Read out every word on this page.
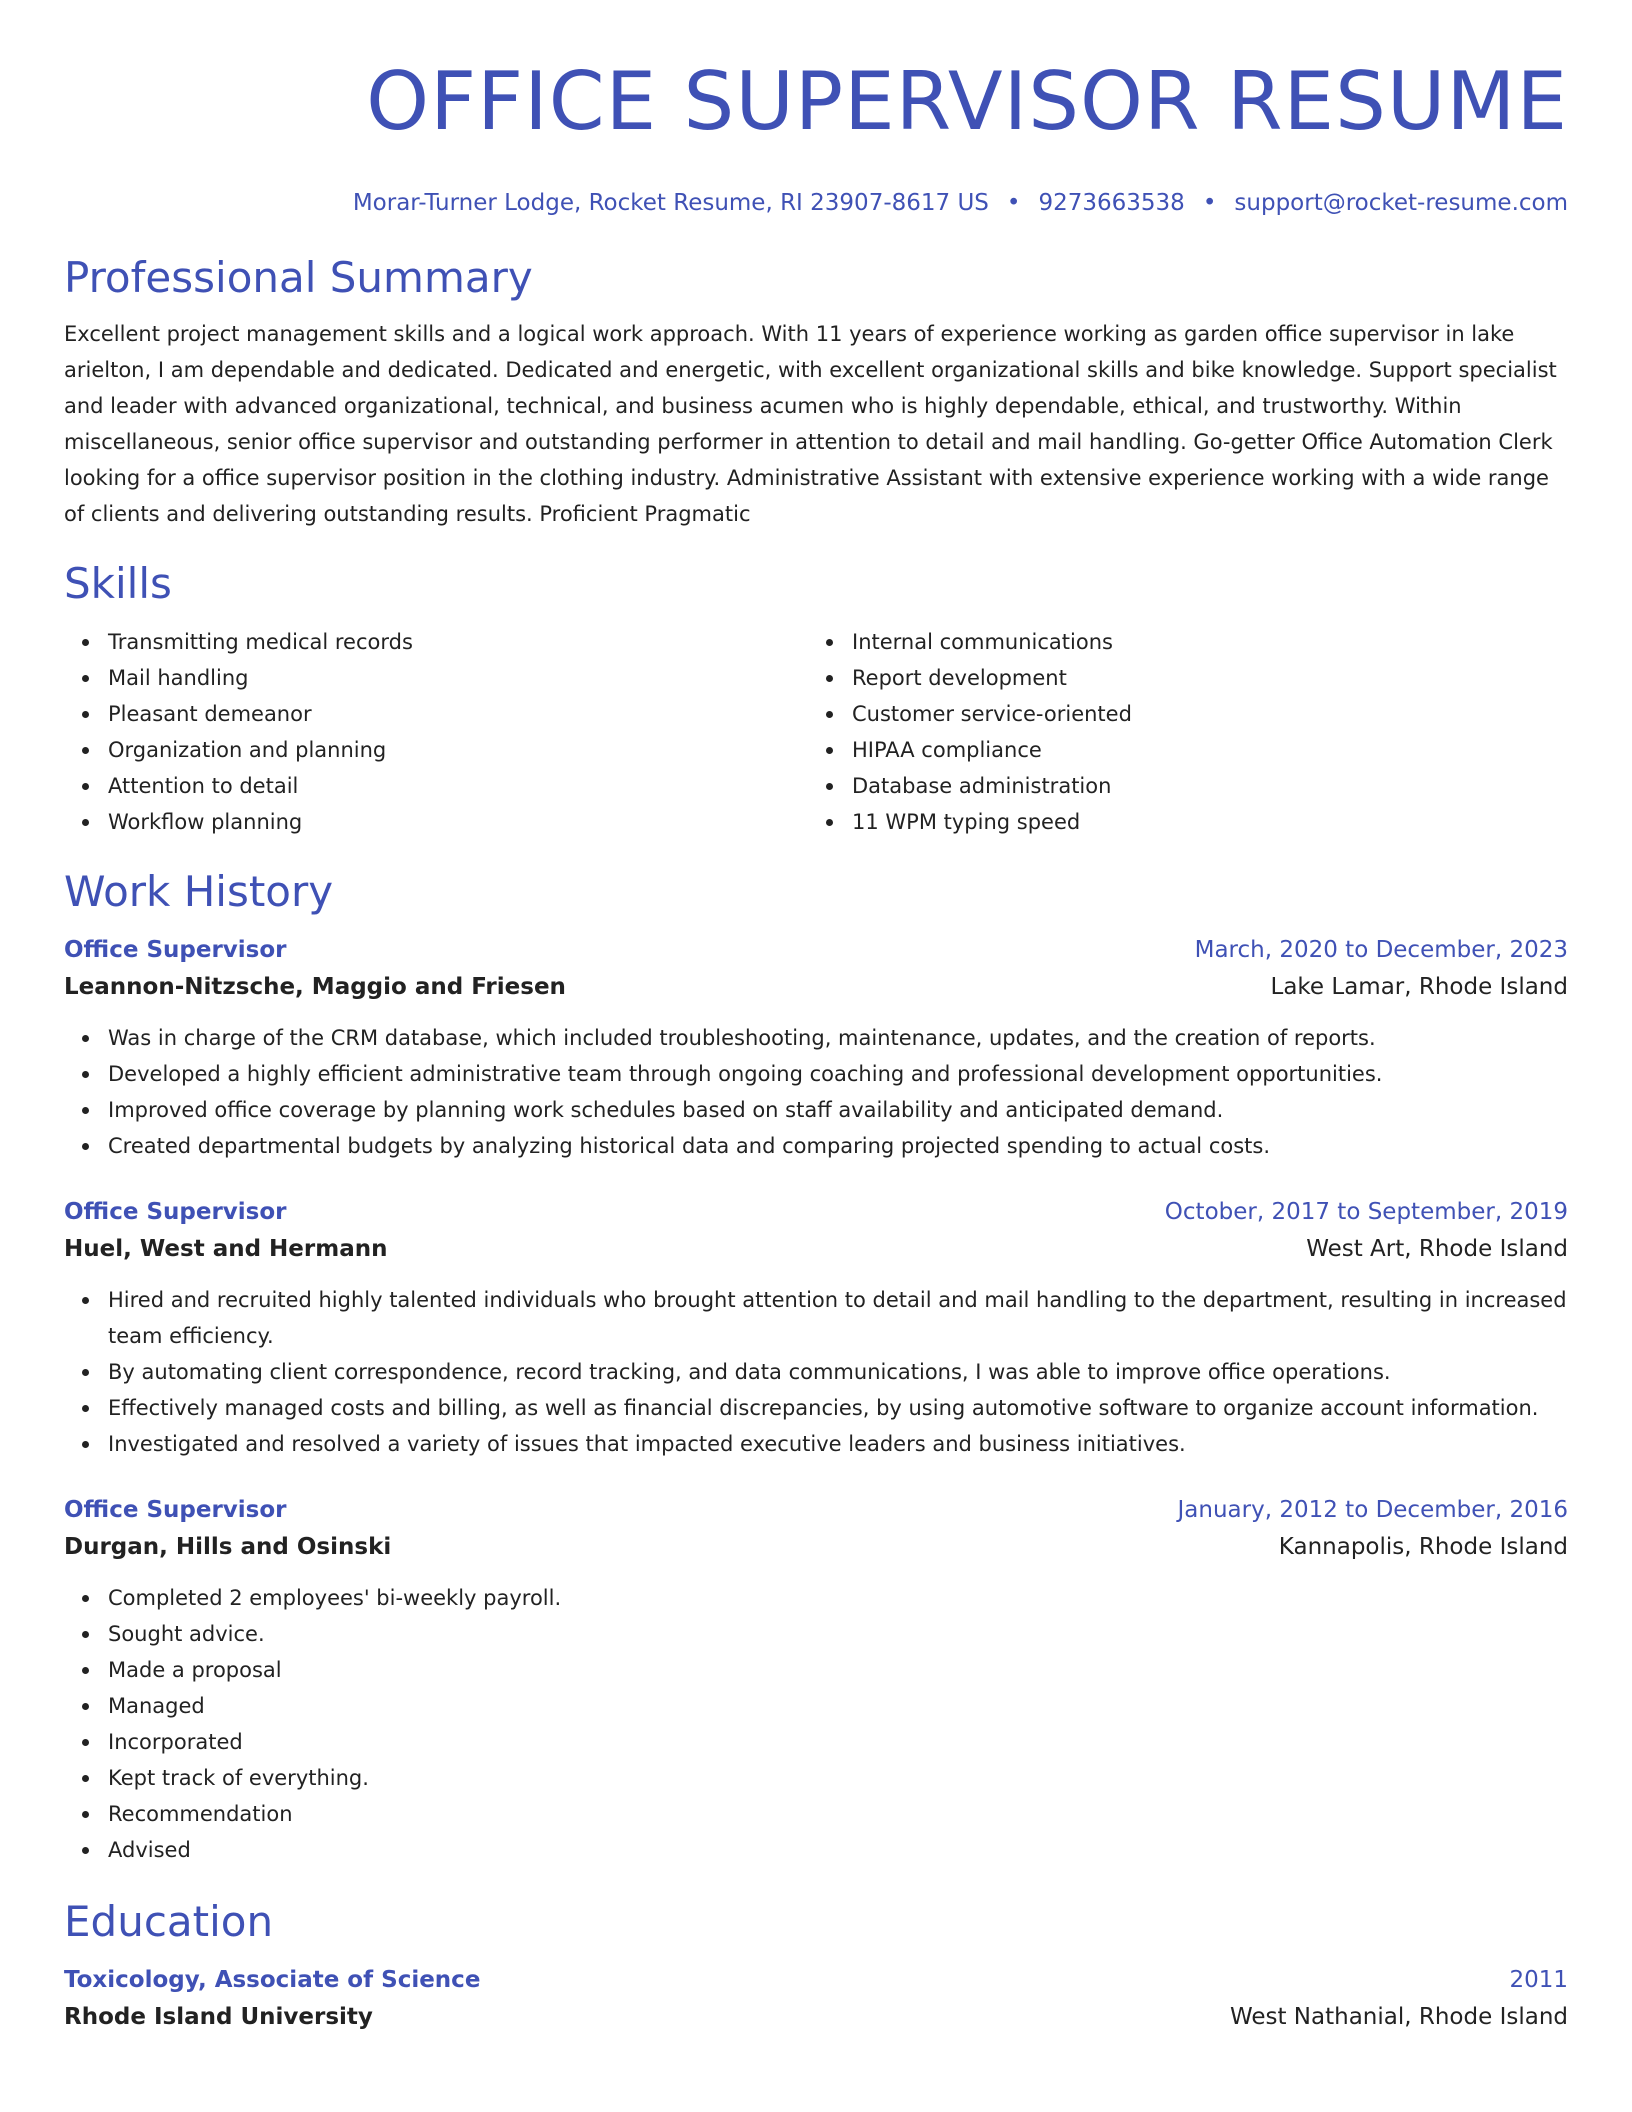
OFFICE SUPERVISOR RESUME
Morar-Turner Lodge, Rocket Resume, RI 23907-8617 US • 9273663538 • support@rocket-resume.com
Professional Summary

Excellent project management skills and a logical work approach. With 11 years of experience working as garden office supervisor in lake arielton, I am dependable and dedicated. Dedicated and energetic, with excellent organizational skills and bike knowledge. Support specialist and leader with advanced organizational, technical, and business acumen who is highly dependable, ethical, and trustworthy. Within miscellaneous, senior office supervisor and outstanding performer in attention to detail and mail handling. Go-getter Office Automation Clerk looking for a office supervisor position in the clothing industry. Administrative Assistant with extensive experience working with a wide range of clients and delivering outstanding results. Proficient Pragmatic

Skills
Transmitting medical records
Mail handling
Pleasant demeanor
Organization and planning
Attention to detail
Workflow planning
Internal communications
Report development
Customer service-oriented
HIPAA compliance
Database administration
11 WPM typing speed
Work History
Office Supervisor	March, 2020 to December, 2023
Leannon-Nitzsche, Maggio and Friesen	Lake Lamar, Rhode Island
Was in charge of the CRM database, which included troubleshooting, maintenance, updates, and the creation of reports.
Developed a highly efficient administrative team through ongoing coaching and professional development opportunities.
Improved office coverage by planning work schedules based on staff availability and anticipated demand.
Created departmental budgets by analyzing historical data and comparing projected spending to actual costs.
Office Supervisor	October, 2017 to September, 2019
Huel, West and Hermann	West Art, Rhode Island
Hired and recruited highly talented individuals who brought attention to detail and mail handling to the department, resulting in increased team efficiency.
By automating client correspondence, record tracking, and data communications, I was able to improve office operations.
Effectively managed costs and billing, as well as financial discrepancies, by using automotive software to organize account information.
Investigated and resolved a variety of issues that impacted executive leaders and business initiatives.
Office Supervisor	January, 2012 to December, 2016
Durgan, Hills and Osinski	Kannapolis, Rhode Island
Completed 2 employees' bi-weekly payroll.
Sought advice.
Made a proposal
Managed
Incorporated
Kept track of everything.
Recommendation
Advised
Education
Toxicology, Associate of Science	2011
Rhode Island University	West Nathanial, Rhode Island
